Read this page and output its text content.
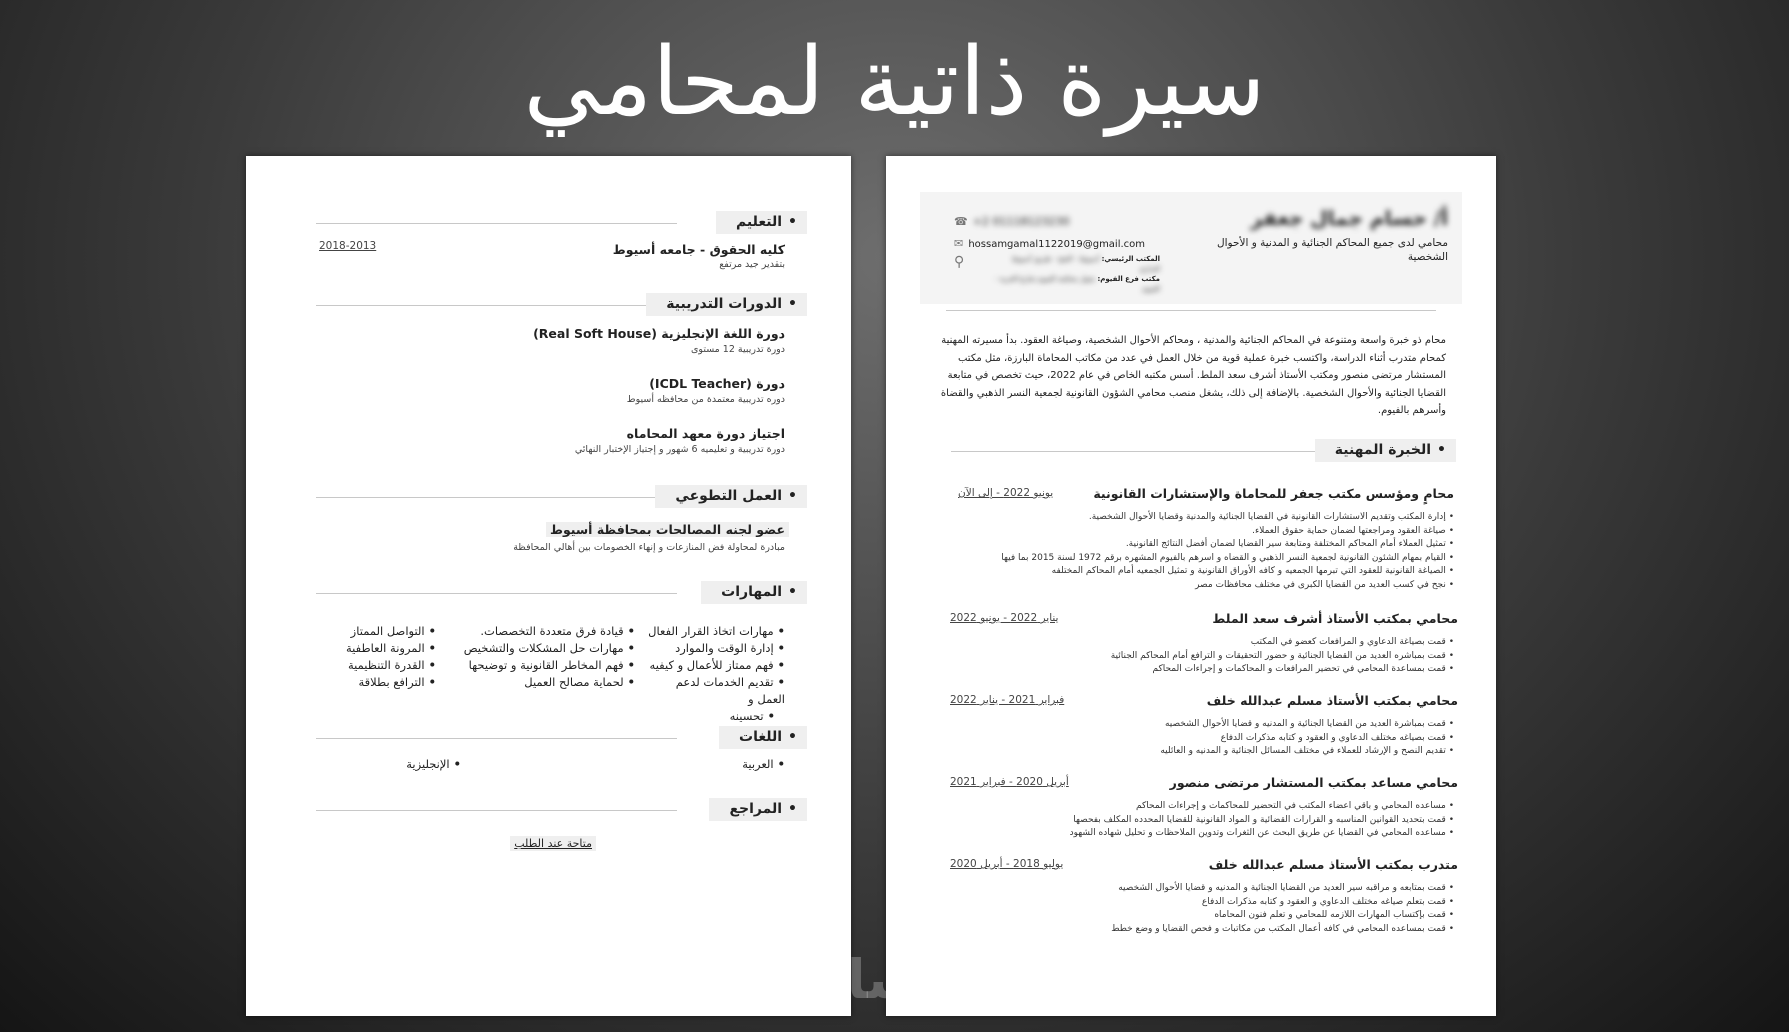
سيرة ذاتية لمحامي
• التعليم
كليه الحقوق - جامعه أسيوط
بتقدير جيد مرتفع
2018-2013
• الدورات التدريبية
دورة اللغة الإنجليزية (Real Soft House)
دورة تدريبية 12 مستوى
دورة (ICDL Teacher)
دوره تدريبية معتمدة من محافظه أسيوط
اجتياز دورة معهد المحاماه
دورة تدريبية و تعليميه 6 شهور و إجتياز الإختبار النهائي
• العمل التطوعي
عضو لجنه المصالحات بمحافظة أسيوط
مبادرة لمحاولة فض المنازعات و إنهاء الخصومات بين أهالي المحافظة
• المهارات
• مهارات اتخاذ القرار الفعال
• إدارة الوقت والموارد
• فهم ممتاز للأعمال و كيفيه
• تقديم الخدمات لدعم العمل و
• تحسينه
• قيادة فرق متعددة التخصصات.
• مهارات حل المشكلات والتشخيص
• فهم المخاطر القانونية و توضيحها
• لحماية مصالح العميل
• التواصل الممتاز
• المرونة العاطفية
• القدرة التنظيمية
• الترافع بطلاقة
• اللغات
• العربية
• الإنجليزية
• المراجع
متاحة عند الطلب
أ/ حسام جمال جعفر
محامي لدى جميع المحاكم الجنائية و المدنية و الأحوال الشخصية
☎ +2 01118123230
✉ hossamgamal1122019@gmail.com
⚲	المكتب الرئيسي: أسيوط - الفتح - طريق أسيوط البداري
مكتب فرع الفيوم: بجوار محكمة الفيوم شارع الحرية - الفيوم
محام ذو خبرة واسعة ومتنوعة في المحاكم الجنائية والمدنية ، ومحاكم الأحوال الشخصية، وصياغة العقود. بدأ مسيرته المهنية كمحام متدرب أثناء الدراسة، واكتسب خبرة عملية قوية من خلال العمل في عدد من مكاتب المحاماة البارزة، مثل مكتب المستشار مرتضى منصور ومكتب الأستاذ أشرف سعد الملط. أسس مكتبه الخاص في عام 2022، حيث تخصص في متابعة القضايا الجنائية والأحوال الشخصية. بالإضافة إلى ذلك، يشغل منصب محامي الشؤون القانونية لجمعية النسر الذهبي والقضاة وأسرهم بالفيوم.
• الخبرة المهنية
محامٍ ومؤسس مكتب جعفر للمحاماة والإستشارات القانونية
يونيو 2022 - إلى الآن
• إدارة المكتب وتقديم الاستشارات القانونية في القضايا الجنائية والمدنية وقضايا الأحوال الشخصية.
• صياغة العقود ومراجعتها لضمان حماية حقوق العملاء.
• تمثيل العملاء أمام المحاكم المختلفة ومتابعة سير القضايا لضمان أفضل النتائج القانونية.
• القيام بمهام الشئون القانونية لجمعية النسر الذهبي و القضاه و اسرهم بالفيوم المشهره برقم 1972 لسنة 2015 بما فيها
• الصياغة القانونية للعقود التي تبرمها الجمعيه و كافه الأوراق القانونية و تمثيل الجمعيه أمام المحاكم المختلفه
• نجح في كسب العديد من القضايا الكبرى في مختلف محافظات مصر
محامي بمكتب الأستاذ أشرف سعد الملط
يناير 2022 - يونيو 2022
• قمت بصياغة الدعاوي و المرافعات كعضو في المكتب
• قمت بمباشره العديد من القضايا الجنائية و حضور التحقيقات و الترافع أمام المحاكم الجنائية
• قمت بمساعدة المحامي في تحضير المرافعات و المحاكمات و إجراءات المحاكم
محامي بمكتب الأستاذ مسلم عبدالله خلف
فبراير 2021 - يناير 2022
• قمت بمباشرة العديد من القضايا الجنائية و المدنيه و قضايا الأحوال الشخصيه
• قمت بصياغه مختلف الدعاوي و العقود و كتابه مذكرات الدفاع
• تقديم النصح و الإرشاد للعملاء في مختلف المسائل الجنائية و المدنيه و العائليه
محامي مساعد بمكتب المستشار مرتضى منصور
أبريل 2020 - فبراير 2021
• مساعده المحامي و باقي اعضاء المكتب في التحضير للمحاكمات و إجراءات المحاكم
• قمت بتحديد القوانين المناسبه و القرارات القضائية و المواد القانونية للقضايا المحدده المكلف بفحصها
• مساعده المحامي في القضايا عن طريق البحث عن الثغرات وتدوين الملاحظات و تحليل شهاده الشهود
متدرب بمكتب الأستاذ مسلم عبدالله خلف
يوليو 2018 - أبريل 2020
• قمت بمتابعه و مراقبه سير العديد من القضايا الجنائية و المدنيه و قضايا الأحوال الشخصيه
• قمت بتعلم صياغه مختلف الدعاوي و العقود و كتابه مذكرات الدفاع
• قمت بإكتساب المهارات اللازمه للمحامي و تعلم فنون المحاماه
• قمت بمساعده المحامي في كافه أعمال المكتب من مكاتبات و فحص القضايا و وضع خطط
خمسات
